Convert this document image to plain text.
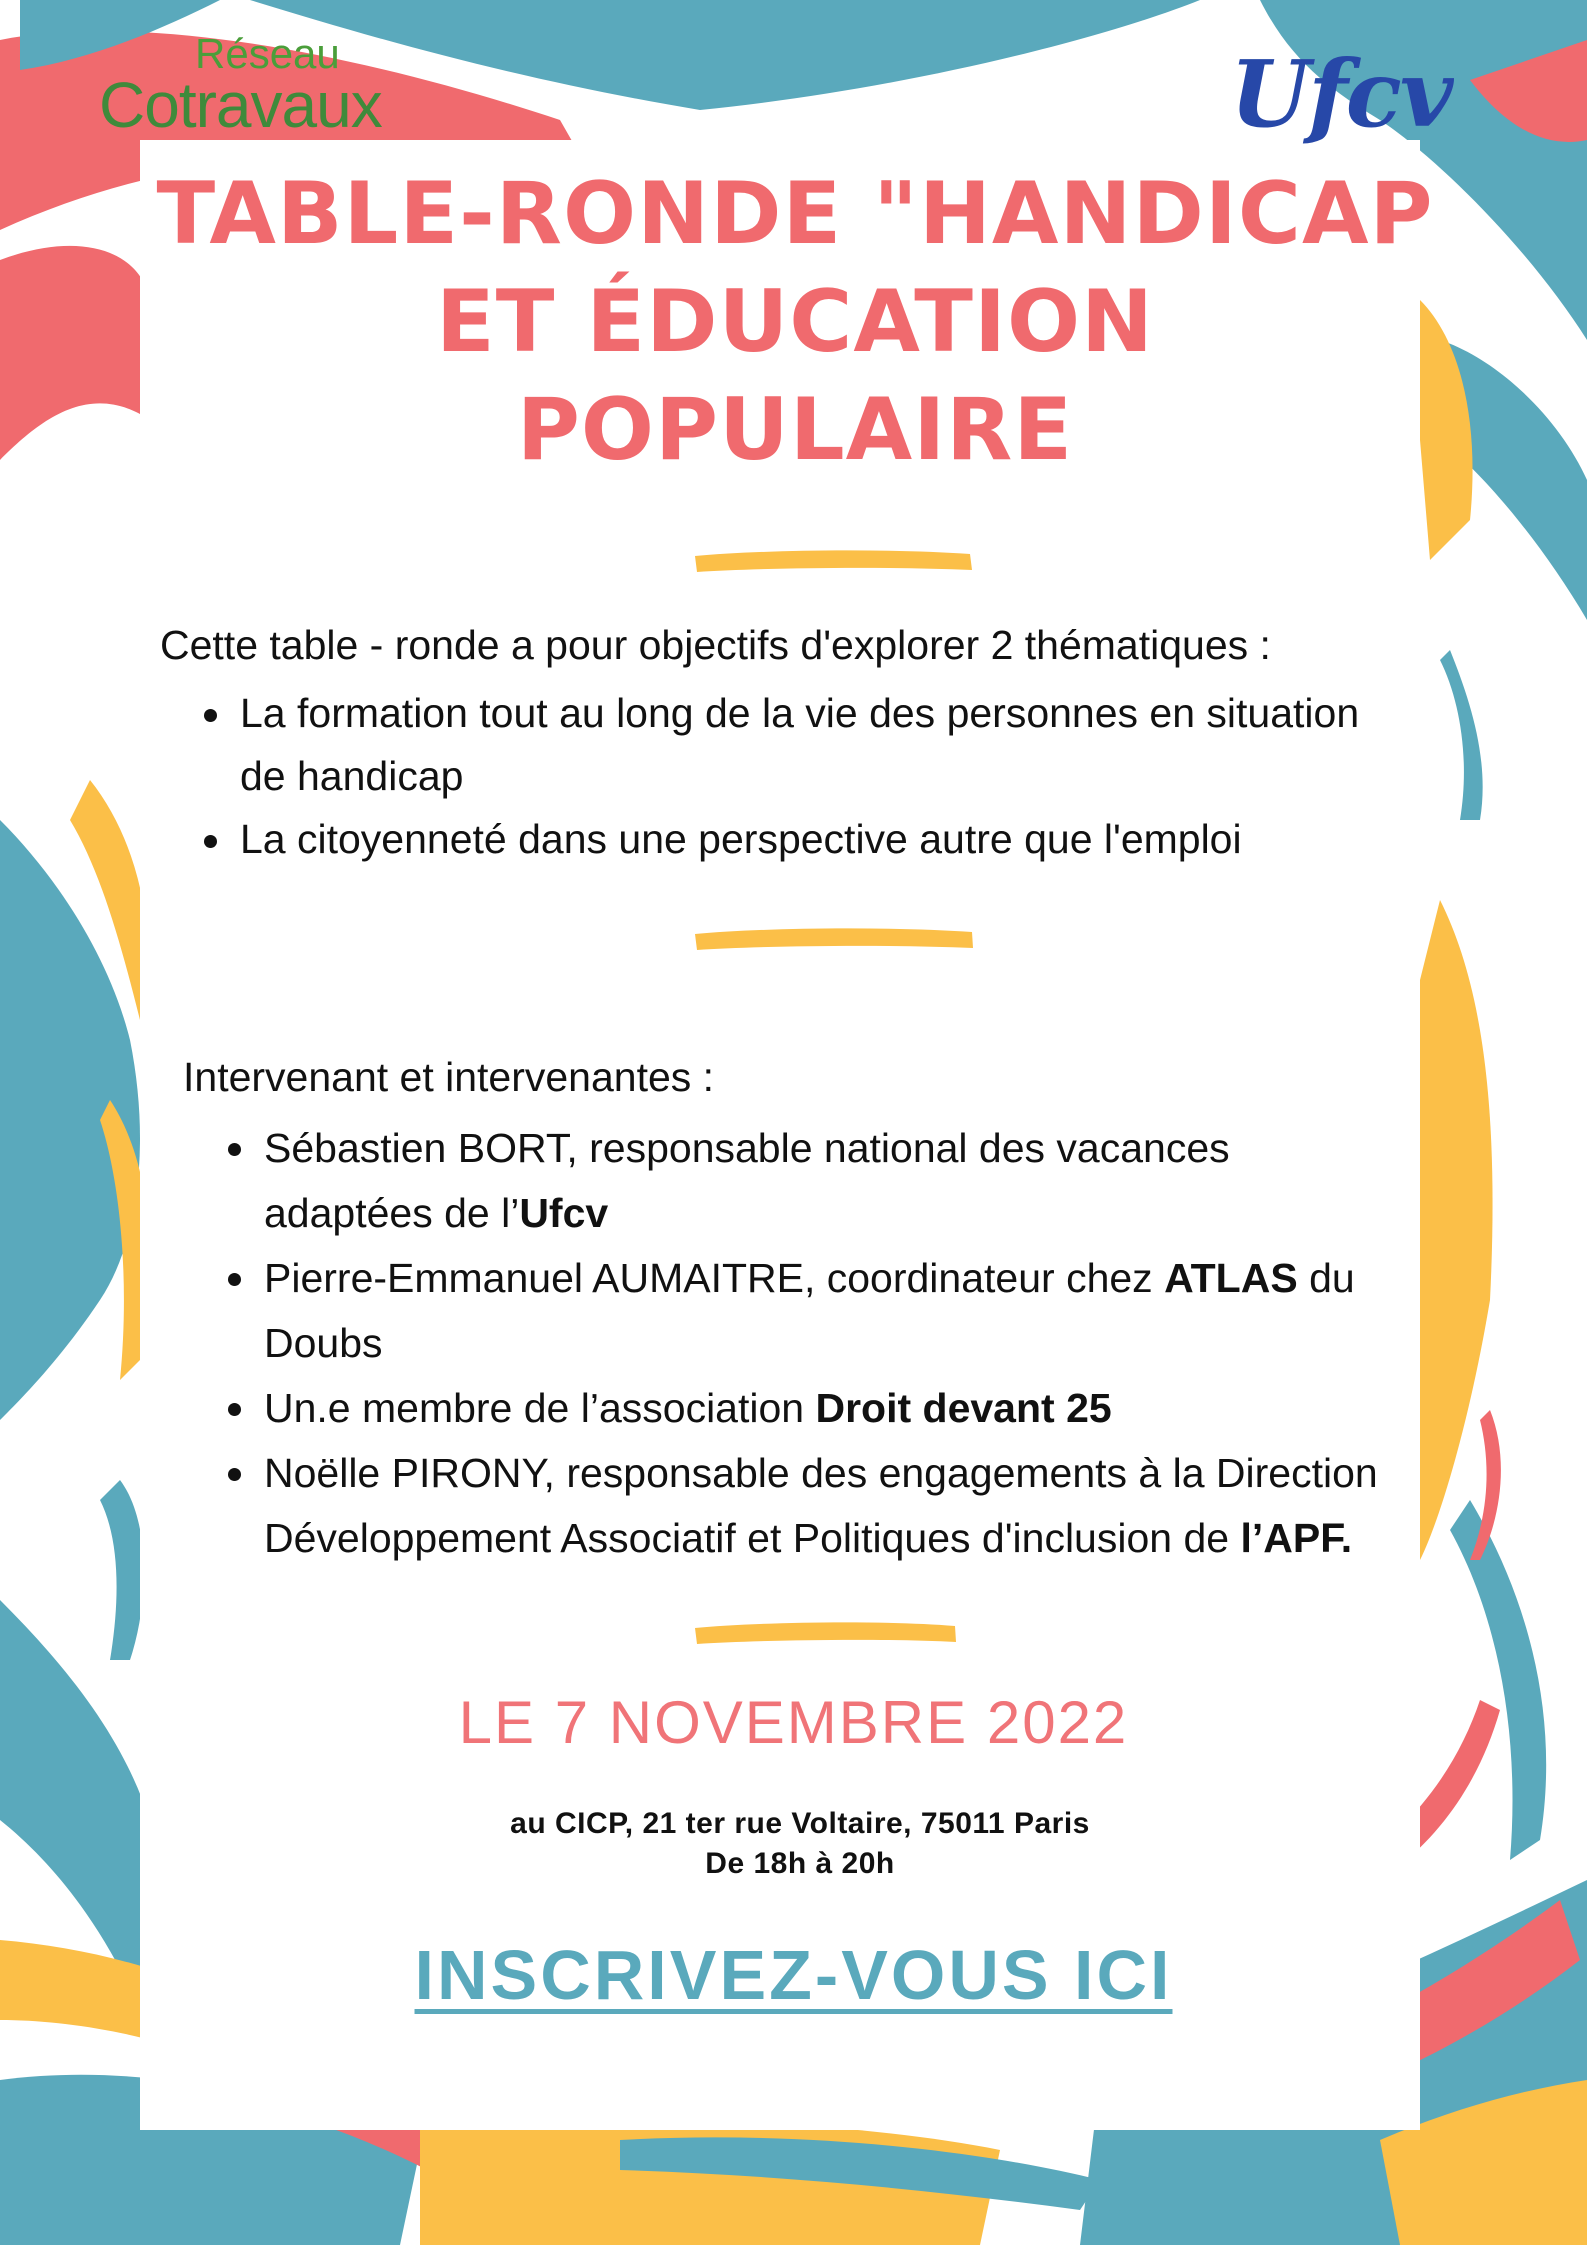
Réseau
Cotravaux	Ufcv
TABLE-RONDE "HANDICAP
ET ÉDUCATION POPULAIRE

Cette table - ronde a pour objectifs d'explorer 2 thématiques :

La formation tout au long de la vie des personnes en situation de handicap
La citoyenneté dans une perspective autre que l'emploi

Intervenant et intervenantes :

Sébastien BORT, responsable national des vacances adaptées de l’Ufcv
Pierre-Emmanuel AUMAITRE, coordinateur chez ATLAS du Doubs
Un.e membre de l’association Droit devant 25
Noëlle PIRONY, responsable des engagements à la Direction Développement Associatif et Politiques d'inclusion de l’APF.

LE 7 NOVEMBRE 2022

au CICP, 21 ter rue Voltaire, 75011 Paris
De 18h à 20h
INSCRIVEZ-VOUS ICI
